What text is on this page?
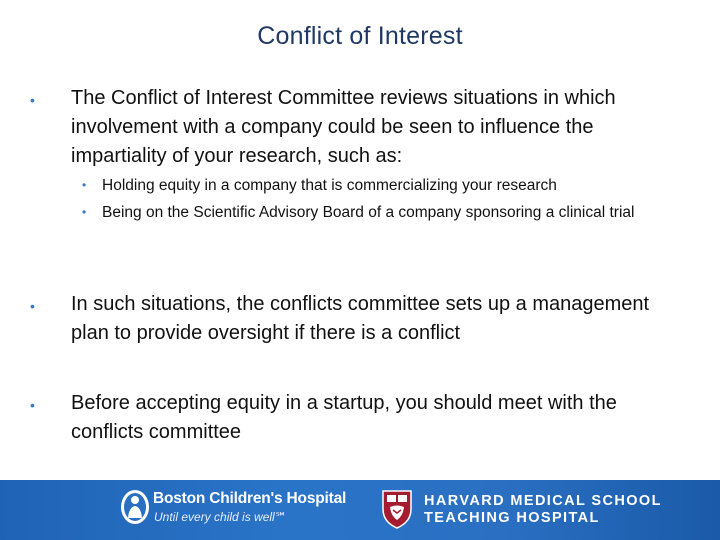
Conflict of Interest
• The Conflict of Interest Committee reviews situations in which involvement with a company could be seen to influence the impartiality of your research, such as:
• Holding equity in a company that is commercializing your research
• Being on the Scientific Advisory Board of a company sponsoring a clinical trial
• In such situations, the conflicts committee sets up a management plan to provide oversight if there is a conflict
• Before accepting equity in a startup, you should meet with the conflicts committee
Boston Children's Hospital
Until every child is well℠
HARVARD MEDICAL SCHOOL
TEACHING HOSPITAL
